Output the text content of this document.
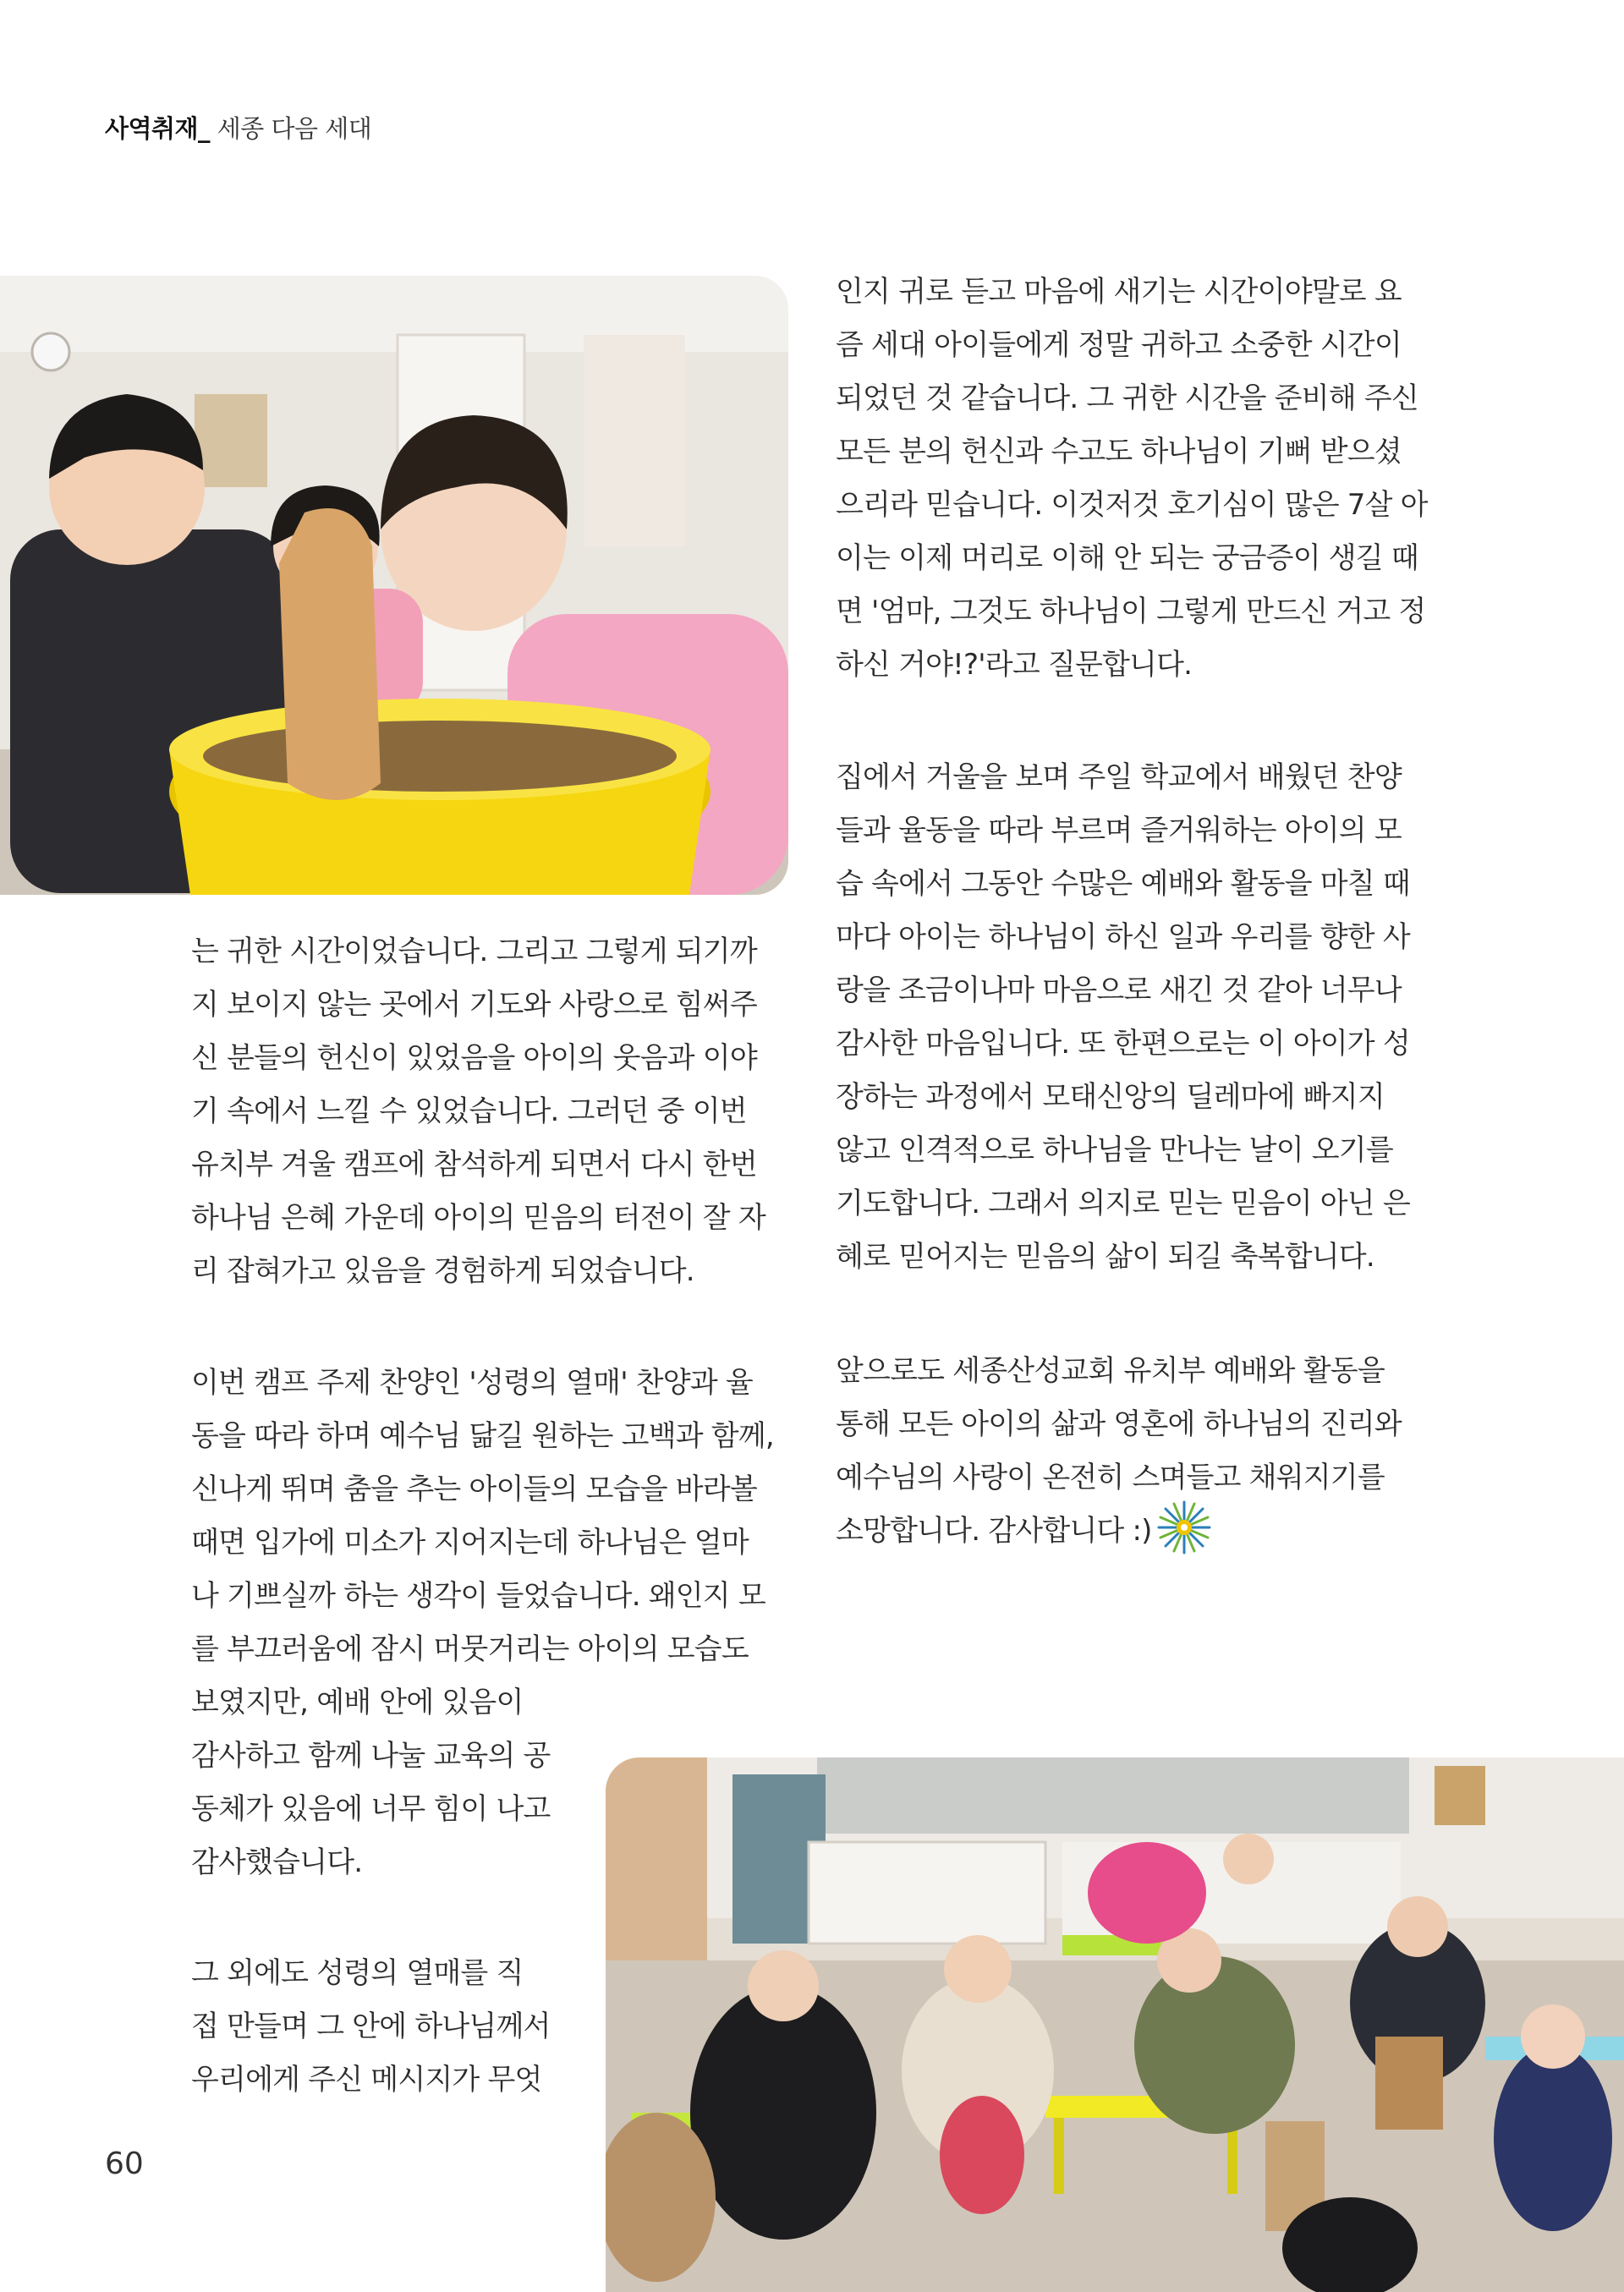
사역취재_ 세종 다음 세대
는 귀한 시간이었습니다. 그리고 그렇게 되기까
지 보이지 않는 곳에서 기도와 사랑으로 힘써주
신 분들의 헌신이 있었음을 아이의 웃음과 이야
기 속에서 느낄 수 있었습니다. 그러던 중 이번
유치부 겨울 캠프에 참석하게 되면서 다시 한번
하나님 은혜 가운데 아이의 믿음의 터전이 잘 자
리 잡혀가고 있음을 경험하게 되었습니다.
이번 캠프 주제 찬양인 '성령의 열매' 찬양과 율
동을 따라 하며 예수님 닮길 원하는 고백과 함께,
신나게 뛰며 춤을 추는 아이들의 모습을 바라볼
때면 입가에 미소가 지어지는데 하나님은 얼마
나 기쁘실까 하는 생각이 들었습니다. 왜인지 모
를 부끄러움에 잠시 머뭇거리는 아이의 모습도
보였지만, 예배 안에 있음이
감사하고 함께 나눌 교육의 공
동체가 있음에 너무 힘이 나고
감사했습니다.
그 외에도 성령의 열매를 직
접 만들며 그 안에 하나님께서
우리에게 주신 메시지가 무엇
인지 귀로 듣고 마음에 새기는 시간이야말로 요
즘 세대 아이들에게 정말 귀하고 소중한 시간이
되었던 것 같습니다. 그 귀한 시간을 준비해 주신
모든 분의 헌신과 수고도 하나님이 기뻐 받으셨
으리라 믿습니다. 이것저것 호기심이 많은 7살 아
이는 이제 머리로 이해 안 되는 궁금증이 생길 때
면 '엄마, 그것도 하나님이 그렇게 만드신 거고 정
하신 거야!?'라고 질문합니다.
집에서 거울을 보며 주일 학교에서 배웠던 찬양
들과 율동을 따라 부르며 즐거워하는 아이의 모
습 속에서 그동안 수많은 예배와 활동을 마칠 때
마다 아이는 하나님이 하신 일과 우리를 향한 사
랑을 조금이나마 마음으로 새긴 것 같아 너무나
감사한 마음입니다. 또 한편으로는 이 아이가 성
장하는 과정에서 모태신앙의 딜레마에 빠지지
않고 인격적으로 하나님을 만나는 날이 오기를
기도합니다. 그래서 의지로 믿는 믿음이 아닌 은
혜로 믿어지는 믿음의 삶이 되길 축복합니다.
앞으로도 세종산성교회 유치부 예배와 활동을
통해 모든 아이의 삶과 영혼에 하나님의 진리와
예수님의 사랑이 온전히 스며들고 채워지기를
소망합니다. 감사합니다 :)
60
